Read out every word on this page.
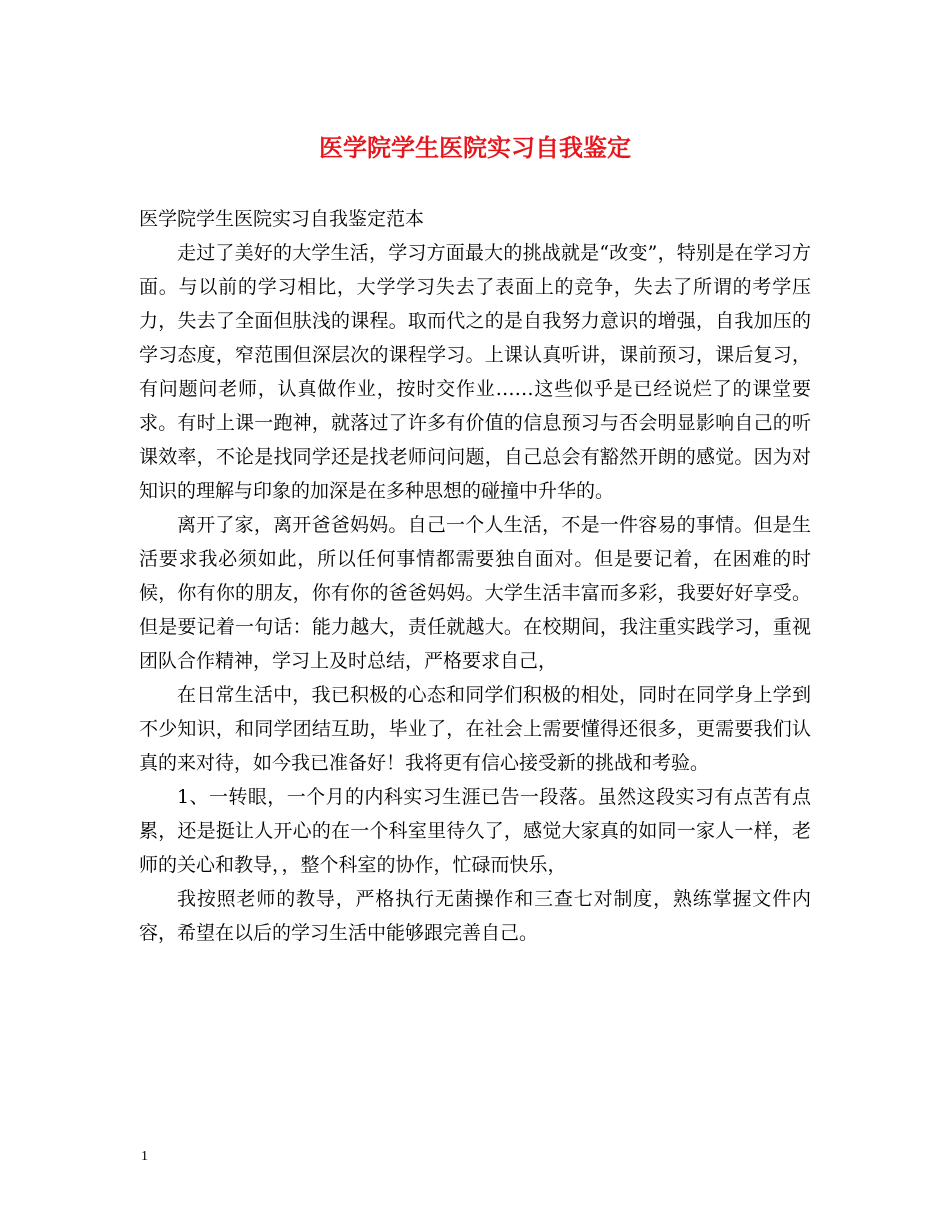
医学院学生医院实习自我鉴定

医学院学生医院实习自我鉴定范本

走过了美好的大学生活，学习方面最大的挑战就是“改变”，特别是在学习方面。与以前的学习相比，大学学习失去了表面上的竞争，失去了所谓的考学压力，失去了全面但肤浅的课程。取而代之的是自我努力意识的增强，自我加压的学习态度，窄范围但深层次的课程学习。上课认真听讲，课前预习，课后复习，有问题问老师，认真做作业，按时交作业……这些似乎是已经说烂了的课堂要求。有时上课一跑神，就落过了许多有价值的信息预习与否会明显影响自己的听课效率，不论是找同学还是找老师问问题，自己总会有豁然开朗的感觉。因为对知识的理解与印象的加深是在多种思想的碰撞中升华的。

离开了家，离开爸爸妈妈。自己一个人生活，不是一件容易的事情。但是生活要求我必须如此，所以任何事情都需要独自面对。但是要记着，在困难的时候，你有你的朋友，你有你的爸爸妈妈。大学生活丰富而多彩，我要好好享受。但是要记着一句话：能力越大，责任就越大。在校期间，我注重实践学习，重视团队合作精神，学习上及时总结，严格要求自己，

在日常生活中，我已积极的心态和同学们积极的相处，同时在同学身上学到不少知识，和同学团结互助，毕业了，在社会上需要懂得还很多，更需要我们认真的来对待，如今我已准备好！我将更有信心接受新的挑战和考验。

1、一转眼，一个月的内科实习生涯已告一段落。虽然这段实习有点苦有点累，还是挺让人开心的在一个科室里待久了，感觉大家真的如同一家人一样，老师的关心和教导，，整个科室的协作，忙碌而快乐，

我按照老师的教导，严格执行无菌操作和三查七对制度，熟练掌握文件内容，希望在以后的学习生活中能够跟完善自己。

1
